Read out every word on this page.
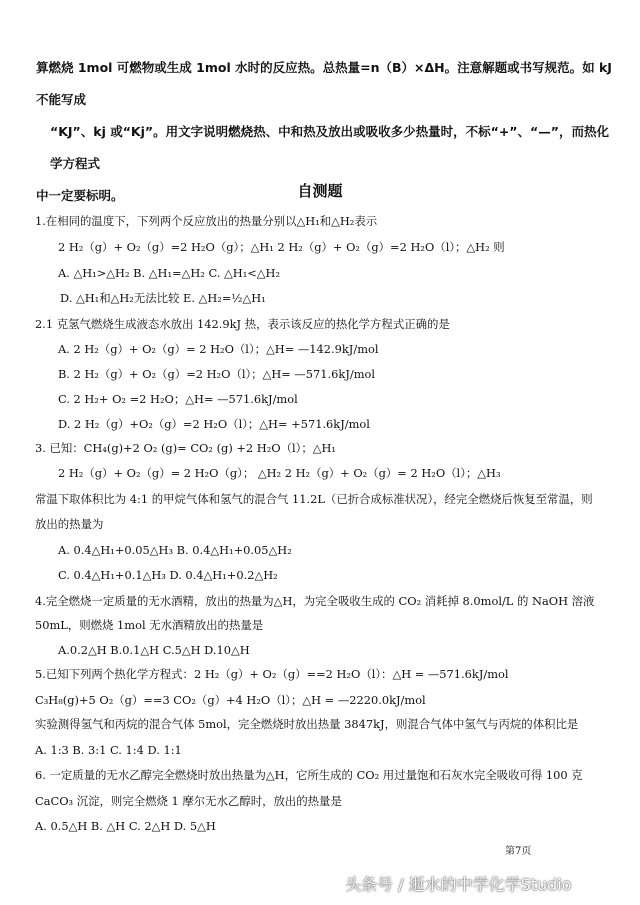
算燃烧 1mol 可燃物或生成 1mol 水时的反应热。总热量=n（B）×ΔH。注意解题或书写规范。如 kJ 不能写成

“KJ”、kj 或“Kj”。用文字说明燃烧热、中和热及放出或吸收多少热量时，不标“+”、“—”，而热化学方程式

中一定要标明。	自测题
1.在相同的温度下，下列两个反应放出的热量分别以△H₁和△H₂表示
2 H₂（g）+ O₂（g）=2 H₂O（g）；△H₁ 2 H₂（g）+ O₂（g）=2 H₂O（l）；△H₂ 则
A. △H₁>△H₂ B. △H₁=△H₂ C. △H₁<△H₂
D. △H₁和△H₂无法比较 E. △H₂=½△H₁
2.1 克氢气燃烧生成液态水放出 142.9kJ 热，表示该反应的热化学方程式正确的是
A. 2 H₂（g）+ O₂（g）= 2 H₂O（l）；△H= —142.9kJ/mol
B. 2 H₂（g）+ O₂（g）=2 H₂O（l）；△H= —571.6kJ/mol
C. 2 H₂+ O₂ =2 H₂O；△H= —571.6kJ/mol
D. 2 H₂（g）+O₂（g）=2 H₂O（l）；△H= +571.6kJ/mol
3. 已知：CH₄(g)+2 O₂ (g)= CO₂ (g) +2 H₂O（l）；△H₁
2 H₂（g）+ O₂（g）= 2 H₂O（g）； △H₂ 2 H₂（g）+ O₂（g）= 2 H₂O（l）；△H₃
常温下取体积比为 4:1 的甲烷气体和氢气的混合气 11.2L（已折合成标准状况），经完全燃烧后恢复至常温，则
放出的热量为
A. 0.4△H₁+0.05△H₃ B. 0.4△H₁+0.05△H₂
C. 0.4△H₁+0.1△H₃ D. 0.4△H₁+0.2△H₂
4.完全燃烧一定质量的无水酒精，放出的热量为△H，为完全吸收生成的 CO₂ 消耗掉 8.0mol/L 的 NaOH 溶液
50mL，则燃烧 1mol 无水酒精放出的热量是
A.0.2△H B.0.1△H C.5△H D.10△H
5.已知下列两个热化学方程式：2 H₂（g）+ O₂（g）==2 H₂O（l）：△H = —571.6kJ/mol
C₃H₈(g)+5 O₂（g）==3 CO₂（g）+4 H₂O（l）；△H = —2220.0kJ/mol
实验测得氢气和丙烷的混合气体 5mol，完全燃烧时放出热量 3847kJ，则混合气体中氢气与丙烷的体积比是
A. 1:3 B. 3:1 C. 1:4 D. 1:1
6. 一定质量的无水乙醇完全燃烧时放出热量为△H，它所生成的 CO₂ 用过量饱和石灰水完全吸收可得 100 克
CaCO₃ 沉淀，则完全燃烧 1 摩尔无水乙醇时，放出的热量是
A. 0.5△H B. △H C. 2△H D. 5△H
第7页
头条号 / 逝水的中学化学Studio
